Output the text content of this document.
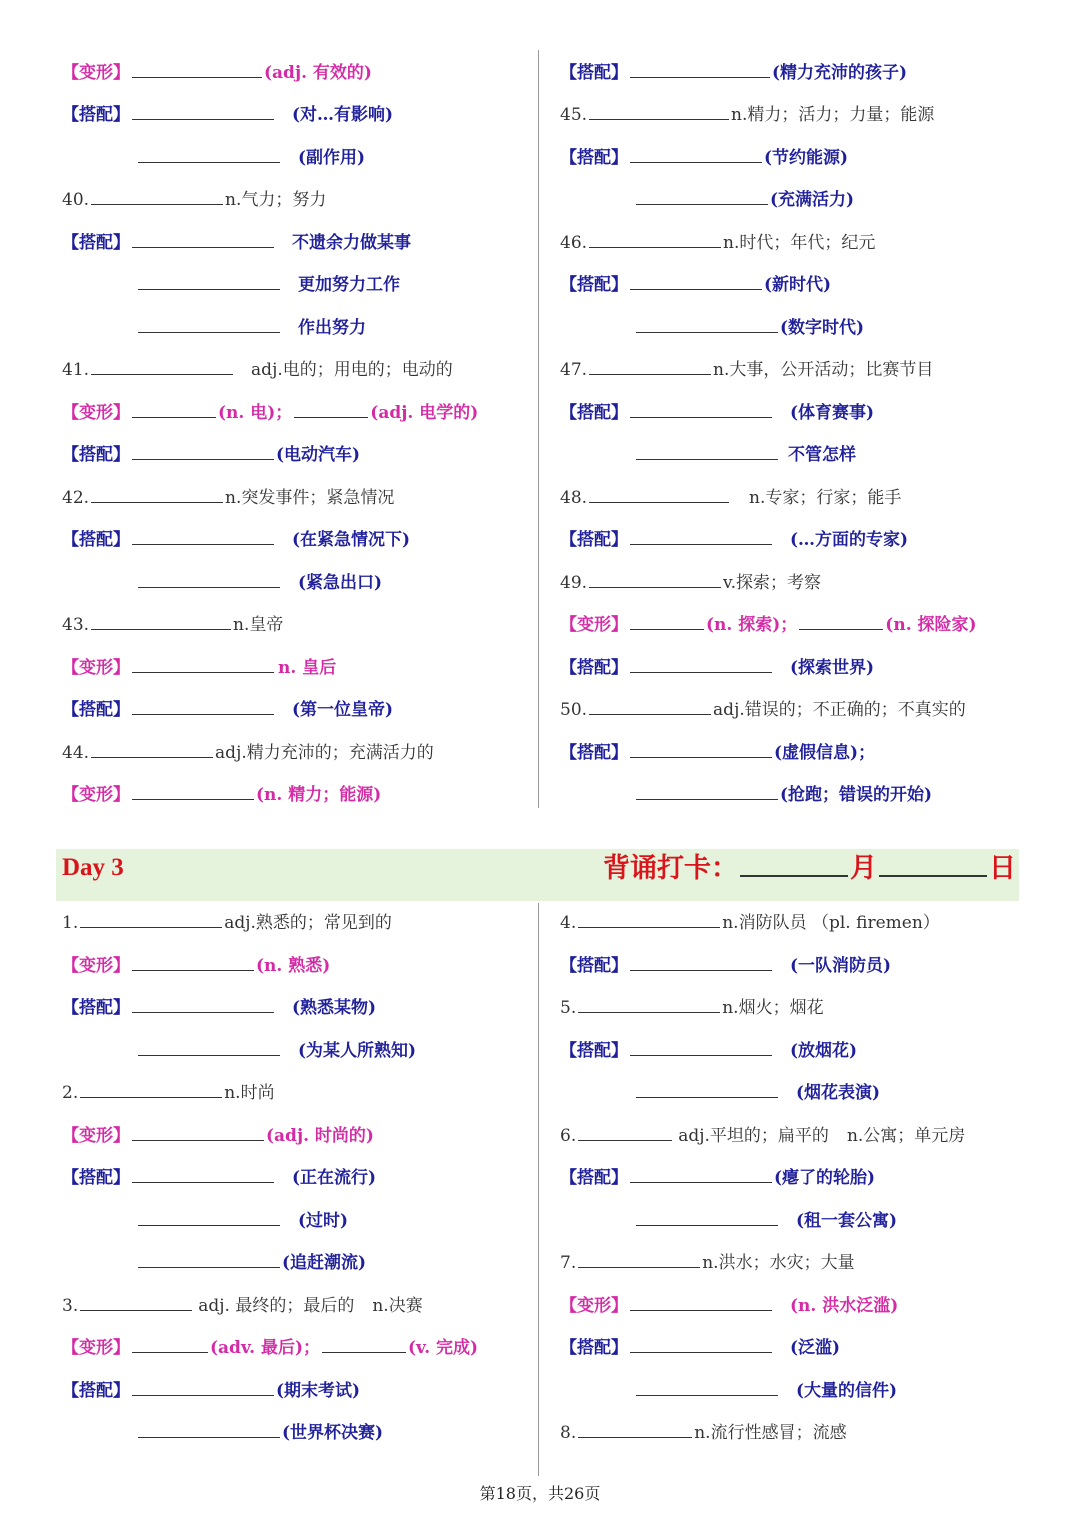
【变形】	(adj. 有效的)
【搭配】	(对…有影响)
(副作用)
40.	n.气力；努力
【搭配】	不遗余力做某事
更加努力工作
作出努力
41.	adj.电的；用电的；电动的
【变形】	(n. 电)；	(adj. 电学的)
【搭配】	(电动汽车)
42.	n.突发事件；紧急情况
【搭配】	(在紧急情况下)
(紧急出口)
43.	n.皇帝
【变形】	n. 皇后
【搭配】	(第一位皇帝)
44.	adj.精力充沛的；充满活力的
【变形】	(n. 精力；能源)
【搭配】	(精力充沛的孩子)
45.	n.精力；活力；力量；能源
【搭配】	(节约能源)
(充满活力)
46.	n.时代；年代；纪元
【搭配】	(新时代)
(数字时代)
47.	n.大事，公开活动；比赛节目
【搭配】	(体育赛事)
不管怎样
48.	n.专家；行家；能手
【搭配】	(…方面的专家)
49.	v.探索；考察
【变形】	(n. 探索)；	(n. 探险家)
【搭配】	(探索世界)
50.	adj.错误的；不正确的；不真实的
【搭配】	(虚假信息)；
(抢跑；错误的开始)
Day 3	背诵打卡：	月	日
1.	adj.熟悉的；常见到的
【变形】	(n. 熟悉)
【搭配】	(熟悉某物)
(为某人所熟知)
2.	n.时尚
【变形】	(adj. 时尚的)
【搭配】	(正在流行)
(过时)
(追赶潮流)
3.	adj. 最终的；最后的 n.决赛
【变形】	(adv. 最后)；	(v. 完成)
【搭配】	(期末考试)
(世界杯决赛)
4.	n.消防队员 （pl. firemen）
【搭配】	(一队消防员)
5.	n.烟火；烟花
【搭配】	(放烟花)
(烟花表演)
6.	adj.平坦的；扁平的 n.公寓；单元房
【搭配】	(瘪了的轮胎)
(租一套公寓)
7.	n.洪水；水灾；大量
【变形】	(n. 洪水泛滥)
【搭配】	(泛滥)
(大量的信件)
8.	n.流行性感冒；流感
第18页，共26页
